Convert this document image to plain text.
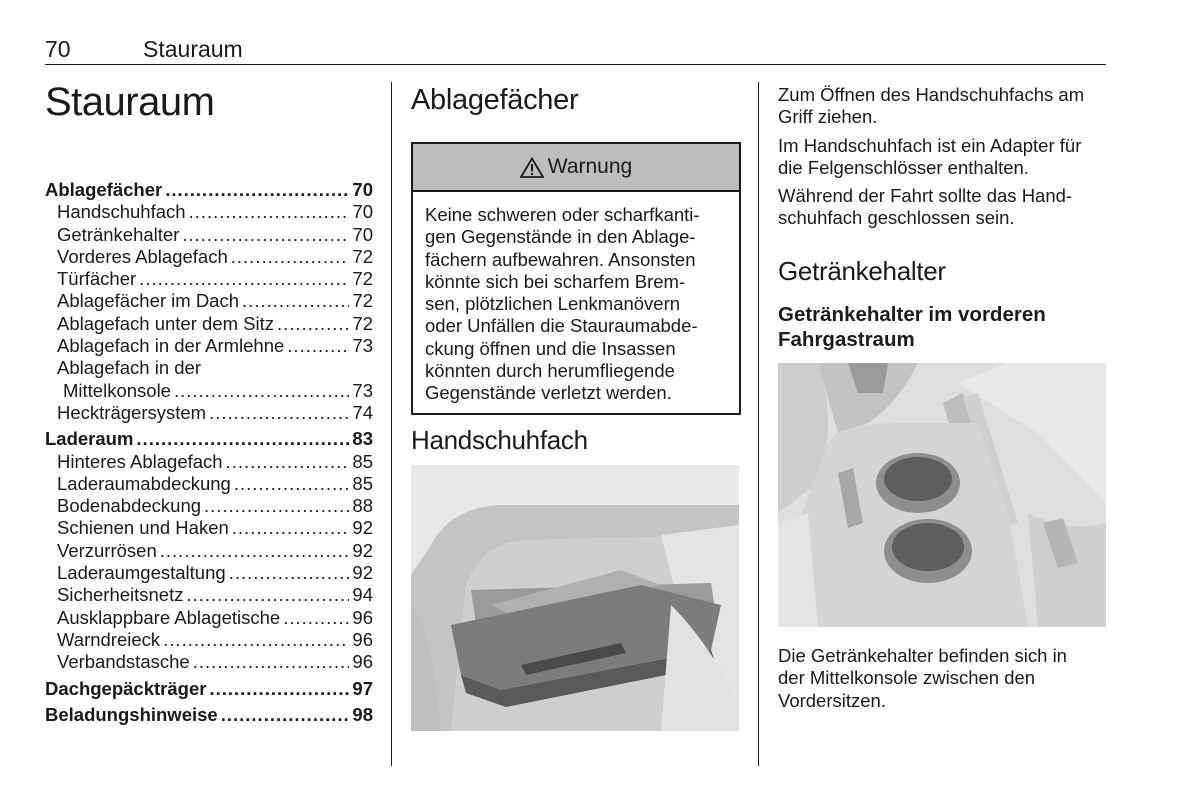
70	Stauraum
Stauraum
Ablagefächer .....	70
Handschuhfach .....	70
Getränkehalter .....	70
Vorderes Ablagefach .....	72
Türfächer .....	72
Ablagefächer im Dach .....	72
Ablagefach unter dem Sitz .....	72
Ablagefach in der Armlehne .....	73
Ablagefach in der
Mittelkonsole .....	73
Heckträgersystem .....	74
Laderaum .....	83
Hinteres Ablagefach .....	85
Laderaumabdeckung .....	85
Bodenabdeckung .....	88
Schienen und Haken .....	92
Verzurrösen .....	92
Laderaumgestaltung .....	92
Sicherheitsnetz .....	94
Ausklappbare Ablagetische .....	96
Warndreieck .....	96
Verbandstasche .....	96
Dachgepäckträger .....	97
Beladungshinweise .....	98
Ablagefächer
Warnung
Keine schweren oder scharfkanti-
gen Gegenstände in den Ablage-
fächern aufbewahren. Ansonsten
könnte sich bei scharfem Brem-
sen, plötzlichen Lenkmanövern
oder Unfällen die Stauraumabde-
ckung öffnen und die Insassen
könnten durch herumfliegende
Gegenstände verletzt werden.
Handschuhfach

Zum Öffnen des Handschuhfachs am
Griff ziehen.

Im Handschuhfach ist ein Adapter für
die Felgenschlösser enthalten.

Während der Fahrt sollte das Hand-
schuhfach geschlossen sein.

Getränkehalter
Getränkehalter im vorderen
Fahrgastraum

Die Getränkehalter befinden sich in
der Mittelkonsole zwischen den
Vordersitzen.
